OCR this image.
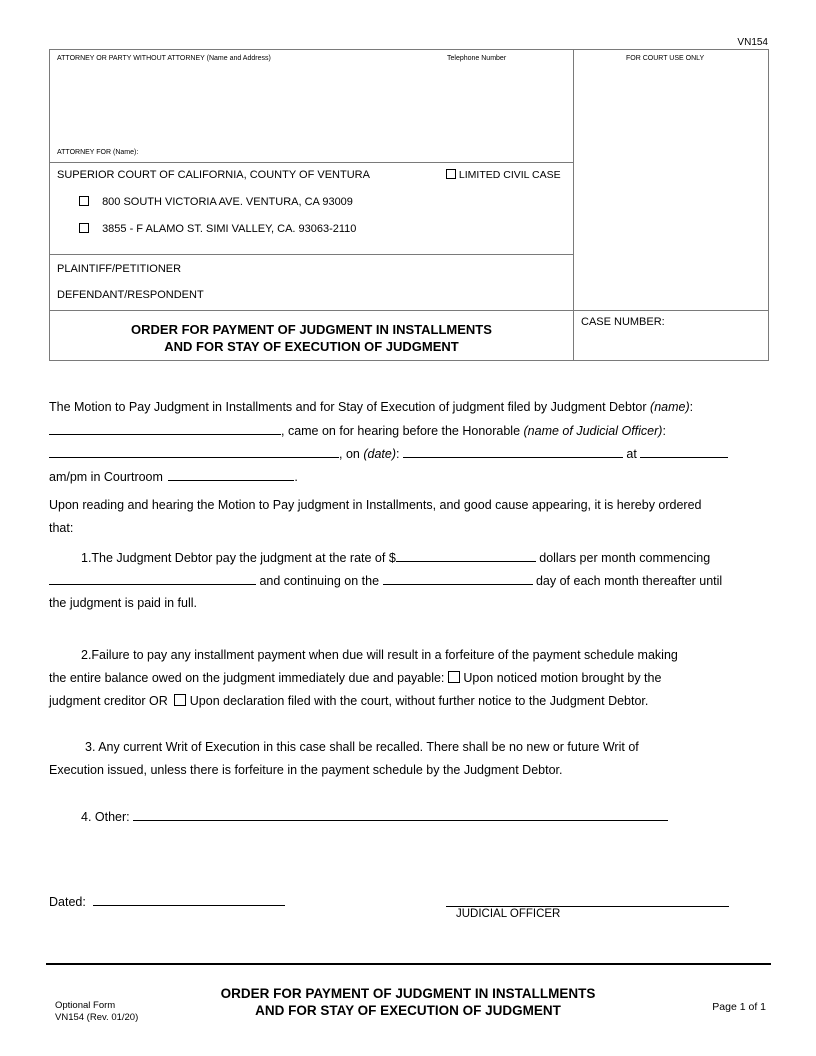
VN154
ATTORNEY OR PARTY WITHOUT ATTORNEY (Name and Address)	Telephone Number	FOR COURT USE ONLY
ATTORNEY FOR (Name):
SUPERIOR COURT OF CALIFORNIA, COUNTY OF VENTURA	LIMITED CIVIL CASE
800 SOUTH VICTORIA AVE. VENTURA, CA 93009
3855 - F ALAMO ST. SIMI VALLEY, CA. 93063-2110
PLAINTIFF/PETITIONER
DEFENDANT/RESPONDENT
ORDER FOR PAYMENT OF JUDGMENT IN INSTALLMENTS
AND FOR STAY OF EXECUTION OF JUDGMENT
CASE NUMBER:
The Motion to Pay Judgment in Installments and for Stay of Execution of judgment filed by Judgment Debtor (name):
, came on for hearing before the Honorable (name of Judicial Officer):
, on (date):	at
am/pm in Courtroom	.
Upon reading and hearing the Motion to Pay judgment in Installments, and good cause appearing, it is hereby ordered
that:
1.The Judgment Debtor pay the judgment at the rate of $	dollars per month commencing
and continuing on the	day of each month thereafter until
the judgment is paid in full.
2.Failure to pay any installment payment when due will result in a forfeiture of the payment schedule making
the entire balance owed on the judgment immediately due and payable: Upon noticed motion brought by the
judgment creditor OR Upon declaration filed with the court, without further notice to the Judgment Debtor.
3. Any current Writ of Execution in this case shall be recalled. There shall be no new or future Writ of
Execution issued, unless there is forfeiture in the payment schedule by the Judgment Debtor.
4. Other:
Dated:
JUDICIAL OFFICER
Optional Form
VN154 (Rev. 01/20)
ORDER FOR PAYMENT OF JUDGMENT IN INSTALLMENTS
AND FOR STAY OF EXECUTION OF JUDGMENT	Page 1 of 1
